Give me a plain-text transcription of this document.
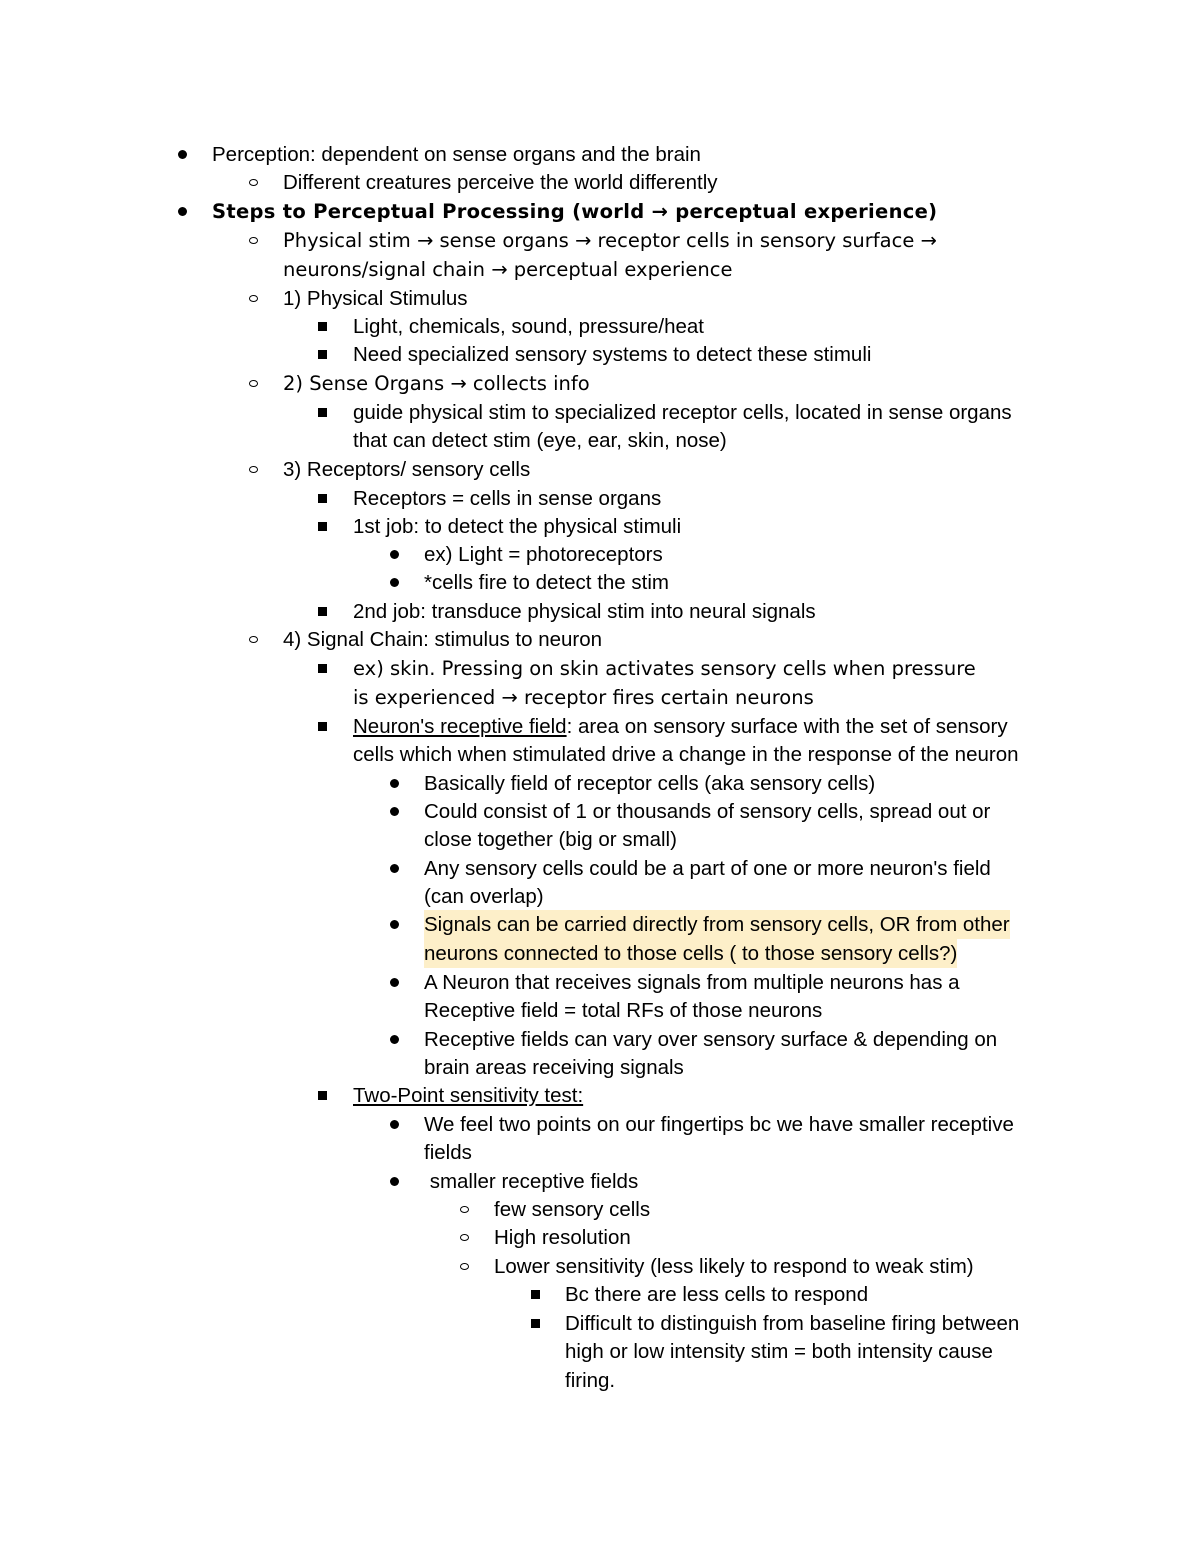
Perception: dependent on sense organs and the brain
Different creatures perceive the world differently
Steps to Perceptual Processing (world → perceptual experience)
Physical stim → sense organs → receptor cells in sensory surface →
neurons/signal chain → perceptual experience
1) Physical Stimulus
Light, chemicals, sound, pressure/heat
Need specialized sensory systems to detect these stimuli
2) Sense Organs → collects info
guide physical stim to specialized receptor cells, located in sense organs
that can detect stim (eye, ear, skin, nose)
3) Receptors/ sensory cells
Receptors = cells in sense organs
1st job: to detect the physical stimuli
ex) Light = photoreceptors
*cells fire to detect the stim
2nd job: transduce physical stim into neural signals
4) Signal Chain: stimulus to neuron
ex) skin. Pressing on skin activates sensory cells when pressure
is experienced → receptor fires certain neurons
Neuron's receptive field: area on sensory surface with the set of sensory
cells which when stimulated drive a change in the response of the neuron
Basically field of receptor cells (aka sensory cells)
Could consist of 1 or thousands of sensory cells, spread out or
close together (big or small)
Any sensory cells could be a part of one or more neuron's field
(can overlap)
Signals can be carried directly from sensory cells, OR from other
neurons connected to those cells ( to those sensory cells?)
A Neuron that receives signals from multiple neurons has a
Receptive field = total RFs of those neurons
Receptive fields can vary over sensory surface & depending on
brain areas receiving signals
Two-Point sensitivity test:
We feel two points on our fingertips bc we have smaller receptive
fields
smaller receptive fields
few sensory cells
High resolution
Lower sensitivity (less likely to respond to weak stim)
Bc there are less cells to respond
Difficult to distinguish from baseline firing between
high or low intensity stim = both intensity cause
firing.
